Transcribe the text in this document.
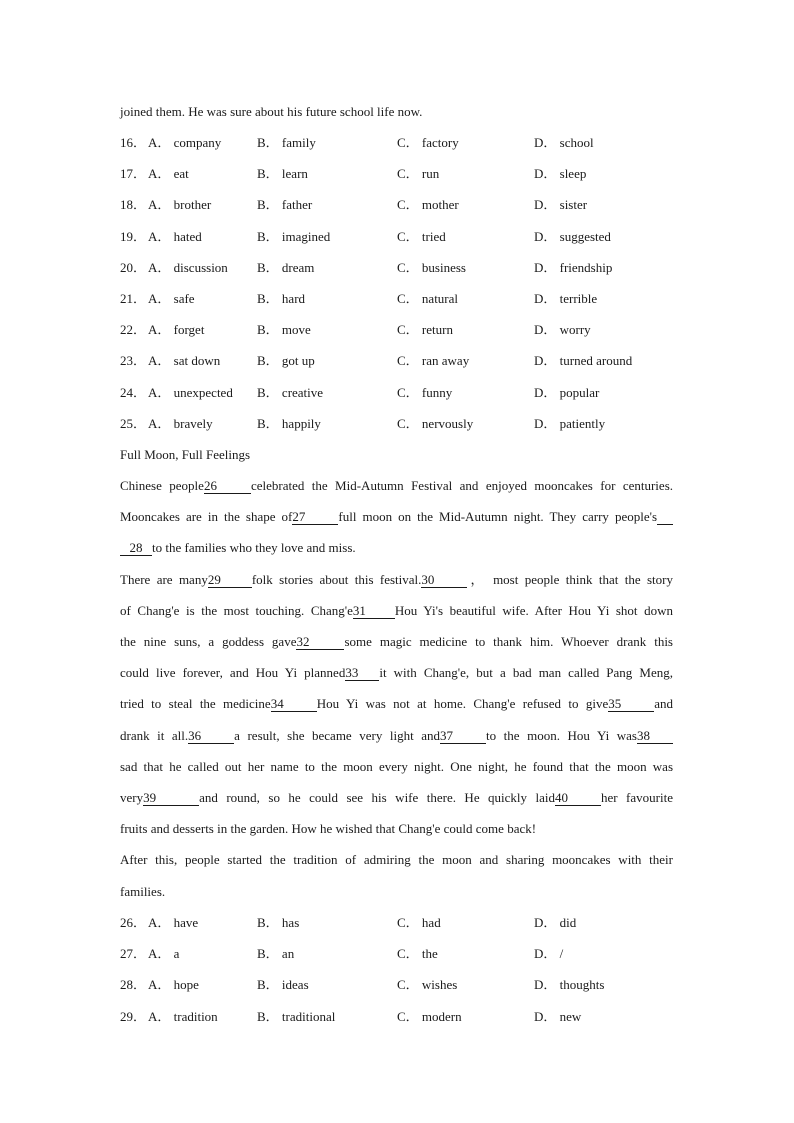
joined them. He was sure about his future school life now.
16． A． company	B． family	C． factory	D． school
17． A． eat	B． learn	C． run	D． sleep
18． A． brother	B． father	C． mother	D． sister
19． A． hated	B． imagined	C． tried	D． suggested
20． A． discussion B． dream	C． business	D． friendship
21． A． safe	B． hard	C． natural	D． terrible
22． A． forget	B． move	C． return	D． worry
23． A． sat down	B． got up	C． ran away	D． turned around
24． A． unexpected B． creative	C． funny	D． popular
25． A． bravely	B． happily	C． nervously	D． patiently
Full Moon, Full Feelings
Chinese people26	celebrated the Mid-Autumn Festival and enjoyed mooncakes for centuries.
Mooncakes are in the shape of27	full moon on the Mid-Autumn night. They carry people's
28 to the families who they love and miss.
There are many29 folk stories about this festival.30	， most people think that the story
of Chang'e is the most touching. Chang'e31 Hou Yi's beautiful wife. After Hou Yi shot down
the nine suns, a goddess gave32	some magic medicine to thank him. Whoever drank this
could live forever, and Hou Yi planned33 it with Chang'e, but a bad man called Pang Meng,
tried to steal the medicine34	Hou Yi was not at home. Chang'e refused to give35	and
drank it all.36	a result, she became very light and37	to the moon. Hou Yi was38
sad that he called out her name to the moon every night. One night, he found that the moon was
very39	and round, so he could see his wife there. He quickly laid40	her favourite
fruits and desserts in the garden. How he wished that Chang'e could come back!
After this, people started the tradition of admiring the moon and sharing mooncakes with their
families.
26． A． have	B． has	C． had	D． did
27． A． a	B． an	C． the	D． /
28． A． hope	B． ideas	C． wishes	D． thoughts
29． A． tradition	B． traditional	C． modern	D． new
